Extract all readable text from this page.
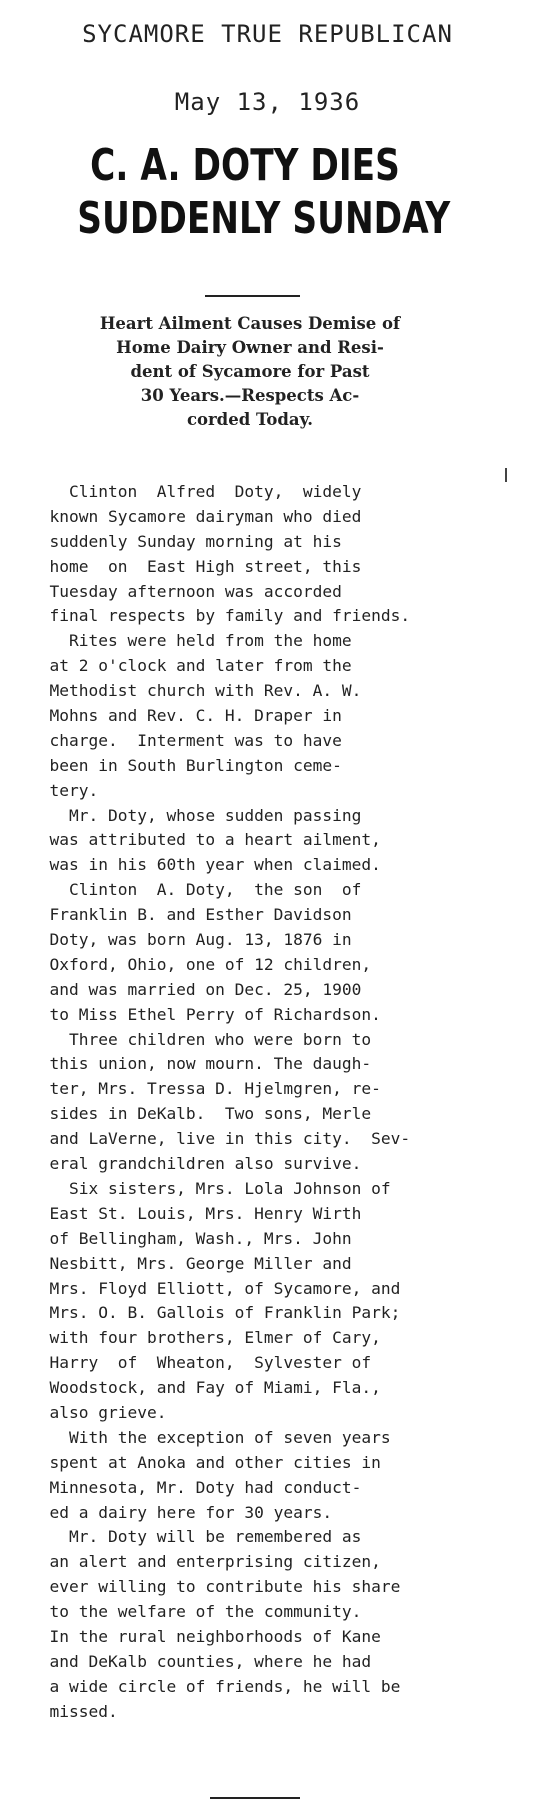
SYCAMORE TRUE REPUBLICAN
May 13, 1936
C. A. DOTY DIES
SUDDENLY SUNDAY
Heart Ailment Causes Demise of
Home Dairy Owner and Resi-
dent of Sycamore for Past
30 Years.—Respects Ac-
corded Today.
Clinton  Alfred  Doty,  widely
known Sycamore dairyman who died
suddenly Sunday morning at his
home  on  East High street, this
Tuesday afternoon was accorded
final respects by family and friends.
Rites were held from the home
at 2 o'clock and later from the
Methodist church with Rev. A. W.
Mohns and Rev. C. H. Draper in
charge.  Interment was to have
been in South Burlington ceme-
tery.
Mr. Doty, whose sudden passing
was attributed to a heart ailment,
was in his 60th year when claimed.
Clinton  A. Doty,  the son  of
Franklin B. and Esther Davidson
Doty, was born Aug. 13, 1876 in
Oxford, Ohio, one of 12 children,
and was married on Dec. 25, 1900
to Miss Ethel Perry of Richardson.
Three children who were born to
this union, now mourn. The daugh-
ter, Mrs. Tressa D. Hjelmgren, re-
sides in DeKalb.  Two sons, Merle
and LaVerne, live in this city.  Sev-
eral grandchildren also survive.
Six sisters, Mrs. Lola Johnson of
East St. Louis, Mrs. Henry Wirth
of Bellingham, Wash., Mrs. John
Nesbitt, Mrs. George Miller and
Mrs. Floyd Elliott, of Sycamore, and
Mrs. O. B. Gallois of Franklin Park;
with four brothers, Elmer of Cary,
Harry  of  Wheaton,  Sylvester of
Woodstock, and Fay of Miami, Fla.,
also grieve.
With the exception of seven years
spent at Anoka and other cities in
Minnesota, Mr. Doty had conduct-
ed a dairy here for 30 years.
Mr. Doty will be remembered as
an alert and enterprising citizen,
ever willing to contribute his share
to the welfare of the community.
In the rural neighborhoods of Kane
and DeKalb counties, where he had
a wide circle of friends, he will be
missed.
